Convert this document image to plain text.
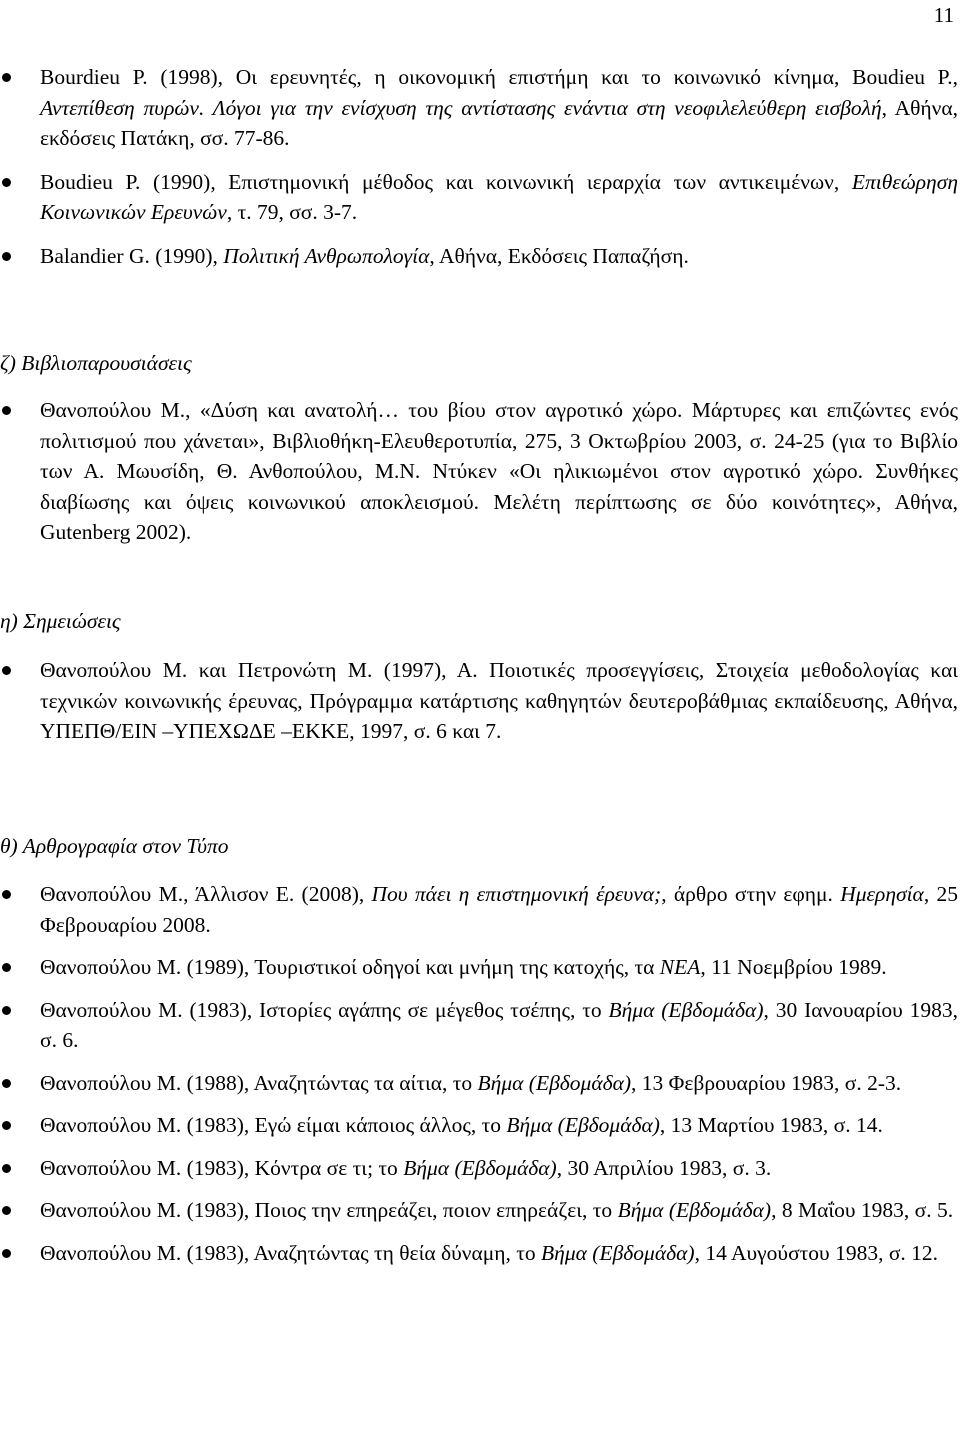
11
Bourdieu P. (1998), Οι ερευνητές, η οικονομική επιστήμη και το κοινωνικό κίνημα, Boudieu P., Αντεπίθεση πυρών. Λόγοι για την ενίσχυση της αντίστασης ενάντια στη νεοφιλελεύθερη εισβολή, Αθήνα, εκδόσεις Πατάκη, σσ. 77-86.
Boudieu P. (1990), Επιστημονική μέθοδος και κοινωνική ιεραρχία των αντικειμένων, Επιθεώρηση Κοινωνικών Ερευνών, τ. 79, σσ. 3-7.
Balandier G. (1990), Πολιτική Ανθρωπολογία, Αθήνα, Εκδόσεις Παπαζήση.
ζ) Βιβλιοπαρουσιάσεις
Θανοπούλου Μ., «Δύση και ανατολή… του βίου στον αγροτικό χώρο. Μάρτυρες και επιζώντες ενός πολιτισμού που χάνεται», Βιβλιοθήκη-Ελευθεροτυπία, 275, 3 Οκτωβρίου 2003, σ. 24-25 (για το Βιβλίο των Α. Μωυσίδη, Θ. Ανθοπούλου, Μ.Ν. Ντύκεν «Οι ηλικιωμένοι στον αγροτικό χώρο. Συνθήκες διαβίωσης και όψεις κοινωνικού αποκλεισμού. Μελέτη περίπτωσης σε δύο κοινότητες», Αθήνα, Gutenberg 2002).
η) Σημειώσεις
Θανοπούλου Μ. και Πετρονώτη Μ. (1997), Α. Ποιοτικές προσεγγίσεις, Στοιχεία μεθοδολογίας και τεχνικών κοινωνικής έρευνας, Πρόγραμμα κατάρτισης καθηγητών δευτεροβάθμιας εκπαίδευσης, Αθήνα, ΥΠΕΠΘ/ΕΙΝ –ΥΠΕΧΩΔΕ –ΕΚΚΕ, 1997, σ. 6 και 7.
θ) Αρθρογραφία στον Τύπο
Θανοπούλου Μ., Άλλισον Ε. (2008), Που πάει η επιστημονική έρευνα;, άρθρο στην εφημ. Ημερησία, 25 Φεβρουαρίου 2008.
Θανοπούλου Μ. (1989), Τουριστικοί οδηγοί και μνήμη της κατοχής, τα ΝΕΑ, 11 Νοεμβρίου 1989.
Θανοπούλου Μ. (1983), Ιστορίες αγάπης σε μέγεθος τσέπης, το Βήμα (Εβδομάδα), 30 Ιανουαρίου 1983, σ. 6.
Θανοπούλου Μ. (1988), Αναζητώντας τα αίτια, το Βήμα (Εβδομάδα), 13 Φεβρουαρίου 1983, σ. 2-3.
Θανοπούλου Μ. (1983), Εγώ είμαι κάποιος άλλος, το Βήμα (Εβδομάδα), 13 Μαρτίου 1983, σ. 14.
Θανοπούλου Μ. (1983), Κόντρα σε τι; το Βήμα (Εβδομάδα), 30 Απριλίου 1983, σ. 3.
Θανοπούλου Μ. (1983), Ποιος την επηρεάζει, ποιον επηρεάζει, το Βήμα (Εβδομάδα), 8 Μαΐου 1983, σ. 5.
Θανοπούλου Μ. (1983), Αναζητώντας τη θεία δύναμη, το Βήμα (Εβδομάδα), 14 Αυγούστου 1983, σ. 12.
